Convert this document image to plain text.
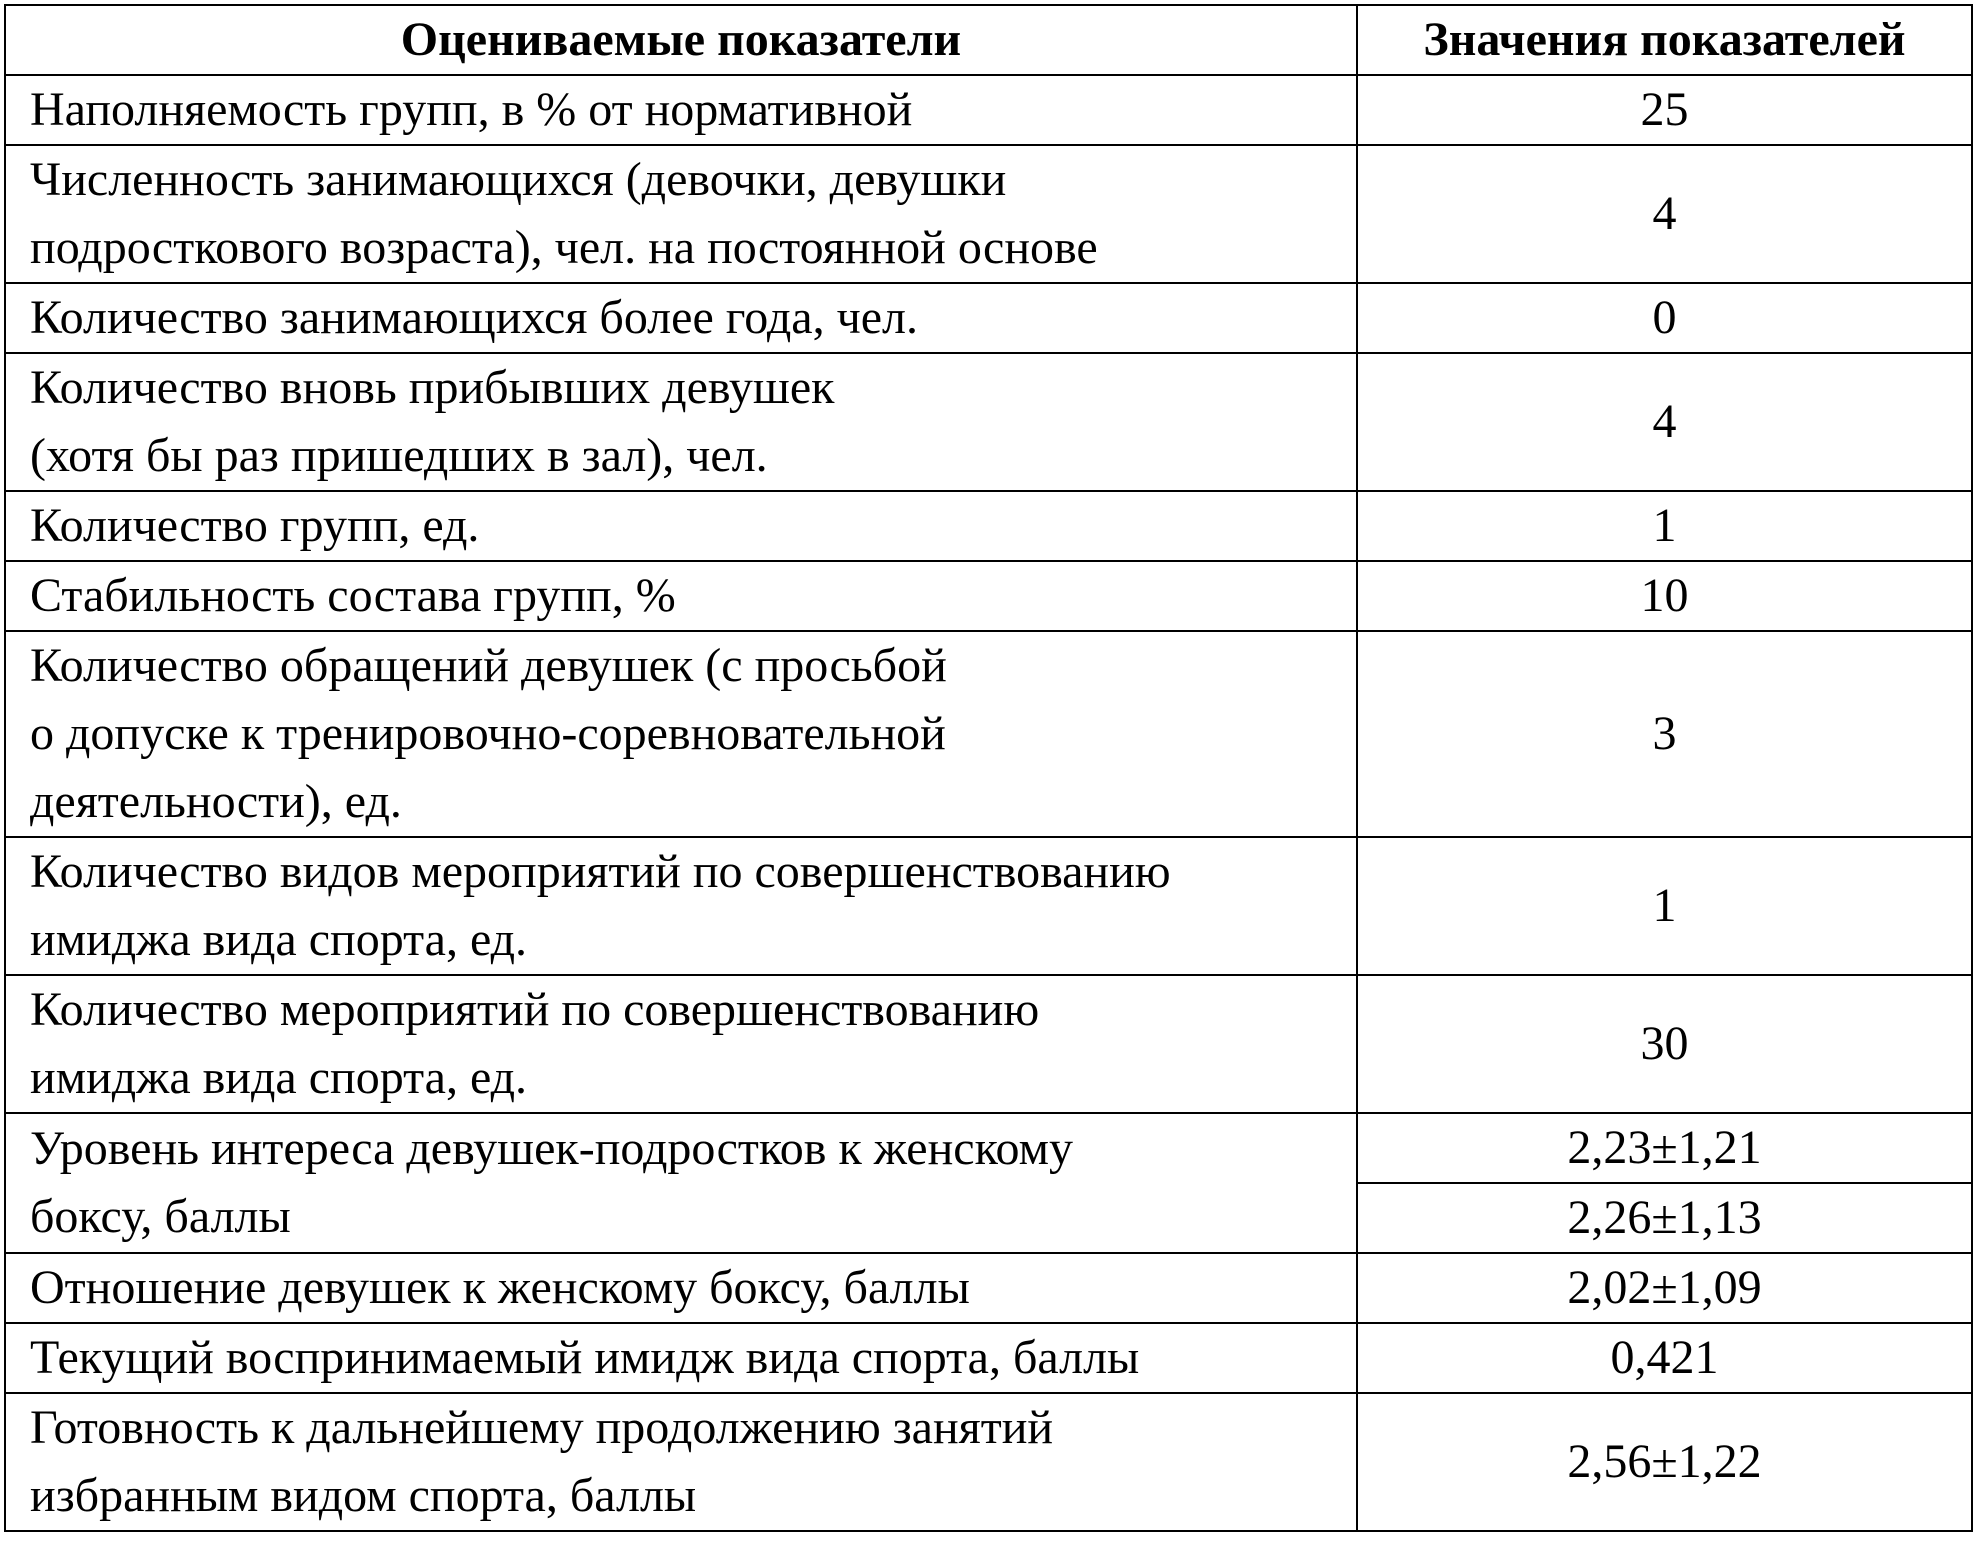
Оцениваемые показатели	Значения показателей
Наполняемость групп, в % от нормативной	25
Численность занимающихся (девочки, девушки
подросткового возраста), чел. на постоянной основе	4
Количество занимающихся более года, чел.	0
Количество вновь прибывших девушек
(хотя бы раз пришедших в зал), чел.	4
Количество групп, ед.	1
Стабильность состава групп, %	10
Количество обращений девушек (с просьбой
о допуске к тренировочно-соревновательной
деятельности), ед.	3
Количество видов мероприятий по совершенствованию
имиджа вида спорта, ед.	1
Количество мероприятий по совершенствованию
имиджа вида спорта, ед.	30
Уровень интереса девушек-подростков к женскому
боксу, баллы	2,23±1,21
	2,26±1,13
Отношение девушек к женскому боксу, баллы	2,02±1,09
Текущий воспринимаемый имидж вида спорта, баллы	0,421
Готовность к дальнейшему продолжению занятий
избранным видом спорта, баллы	2,56±1,22
